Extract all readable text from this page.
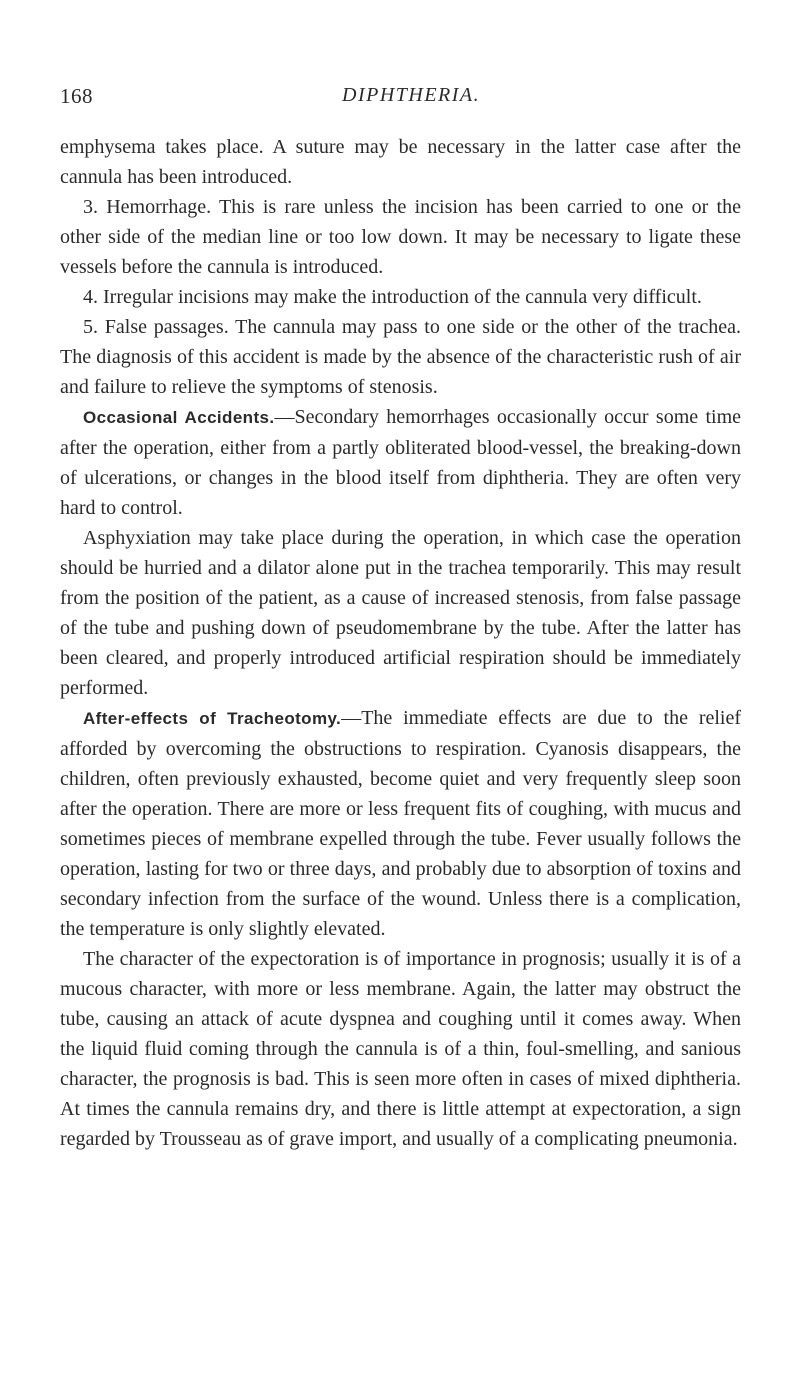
168	DIPHTHERIA.

emphysema takes place. A suture may be necessary in the latter case after the cannula has been introduced.

3. Hemorrhage. This is rare unless the incision has been carried to one or the other side of the median line or too low down. It may be necessary to ligate these vessels before the cannula is introduced.

4. Irregular incisions may make the introduction of the cannula very difficult.

5. False passages. The cannula may pass to one side or the other of the trachea. The diagnosis of this accident is made by the absence of the characteristic rush of air and failure to relieve the symptoms of stenosis.

Occasional Accidents.—Secondary hemorrhages occasionally occur some time after the operation, either from a partly obliterated blood-vessel, the breaking-down of ulcerations, or changes in the blood itself from diphtheria. They are often very hard to control.

Asphyxiation may take place during the operation, in which case the operation should be hurried and a dilator alone put in the trachea temporarily. This may result from the position of the patient, as a cause of increased stenosis, from false passage of the tube and pushing down of pseudomembrane by the tube. After the latter has been cleared, and properly introduced artificial respiration should be immediately performed.

After-effects of Tracheotomy.—The immediate effects are due to the relief afforded by overcoming the obstructions to respiration. Cyanosis disappears, the children, often previously exhausted, become quiet and very frequently sleep soon after the operation. There are more or less frequent fits of coughing, with mucus and sometimes pieces of membrane expelled through the tube. Fever usually follows the operation, lasting for two or three days, and probably due to absorption of toxins and secondary infection from the surface of the wound. Unless there is a complication, the temperature is only slightly elevated.

The character of the expectoration is of importance in prognosis; usually it is of a mucous character, with more or less membrane. Again, the latter may obstruct the tube, causing an attack of acute dyspnea and coughing until it comes away. When the liquid fluid coming through the cannula is of a thin, foul-smelling, and sanious character, the prognosis is bad. This is seen more often in cases of mixed diphtheria. At times the cannula remains dry, and there is little attempt at expectoration, a sign regarded by Trousseau as of grave import, and usually of a complicating pneumonia.
